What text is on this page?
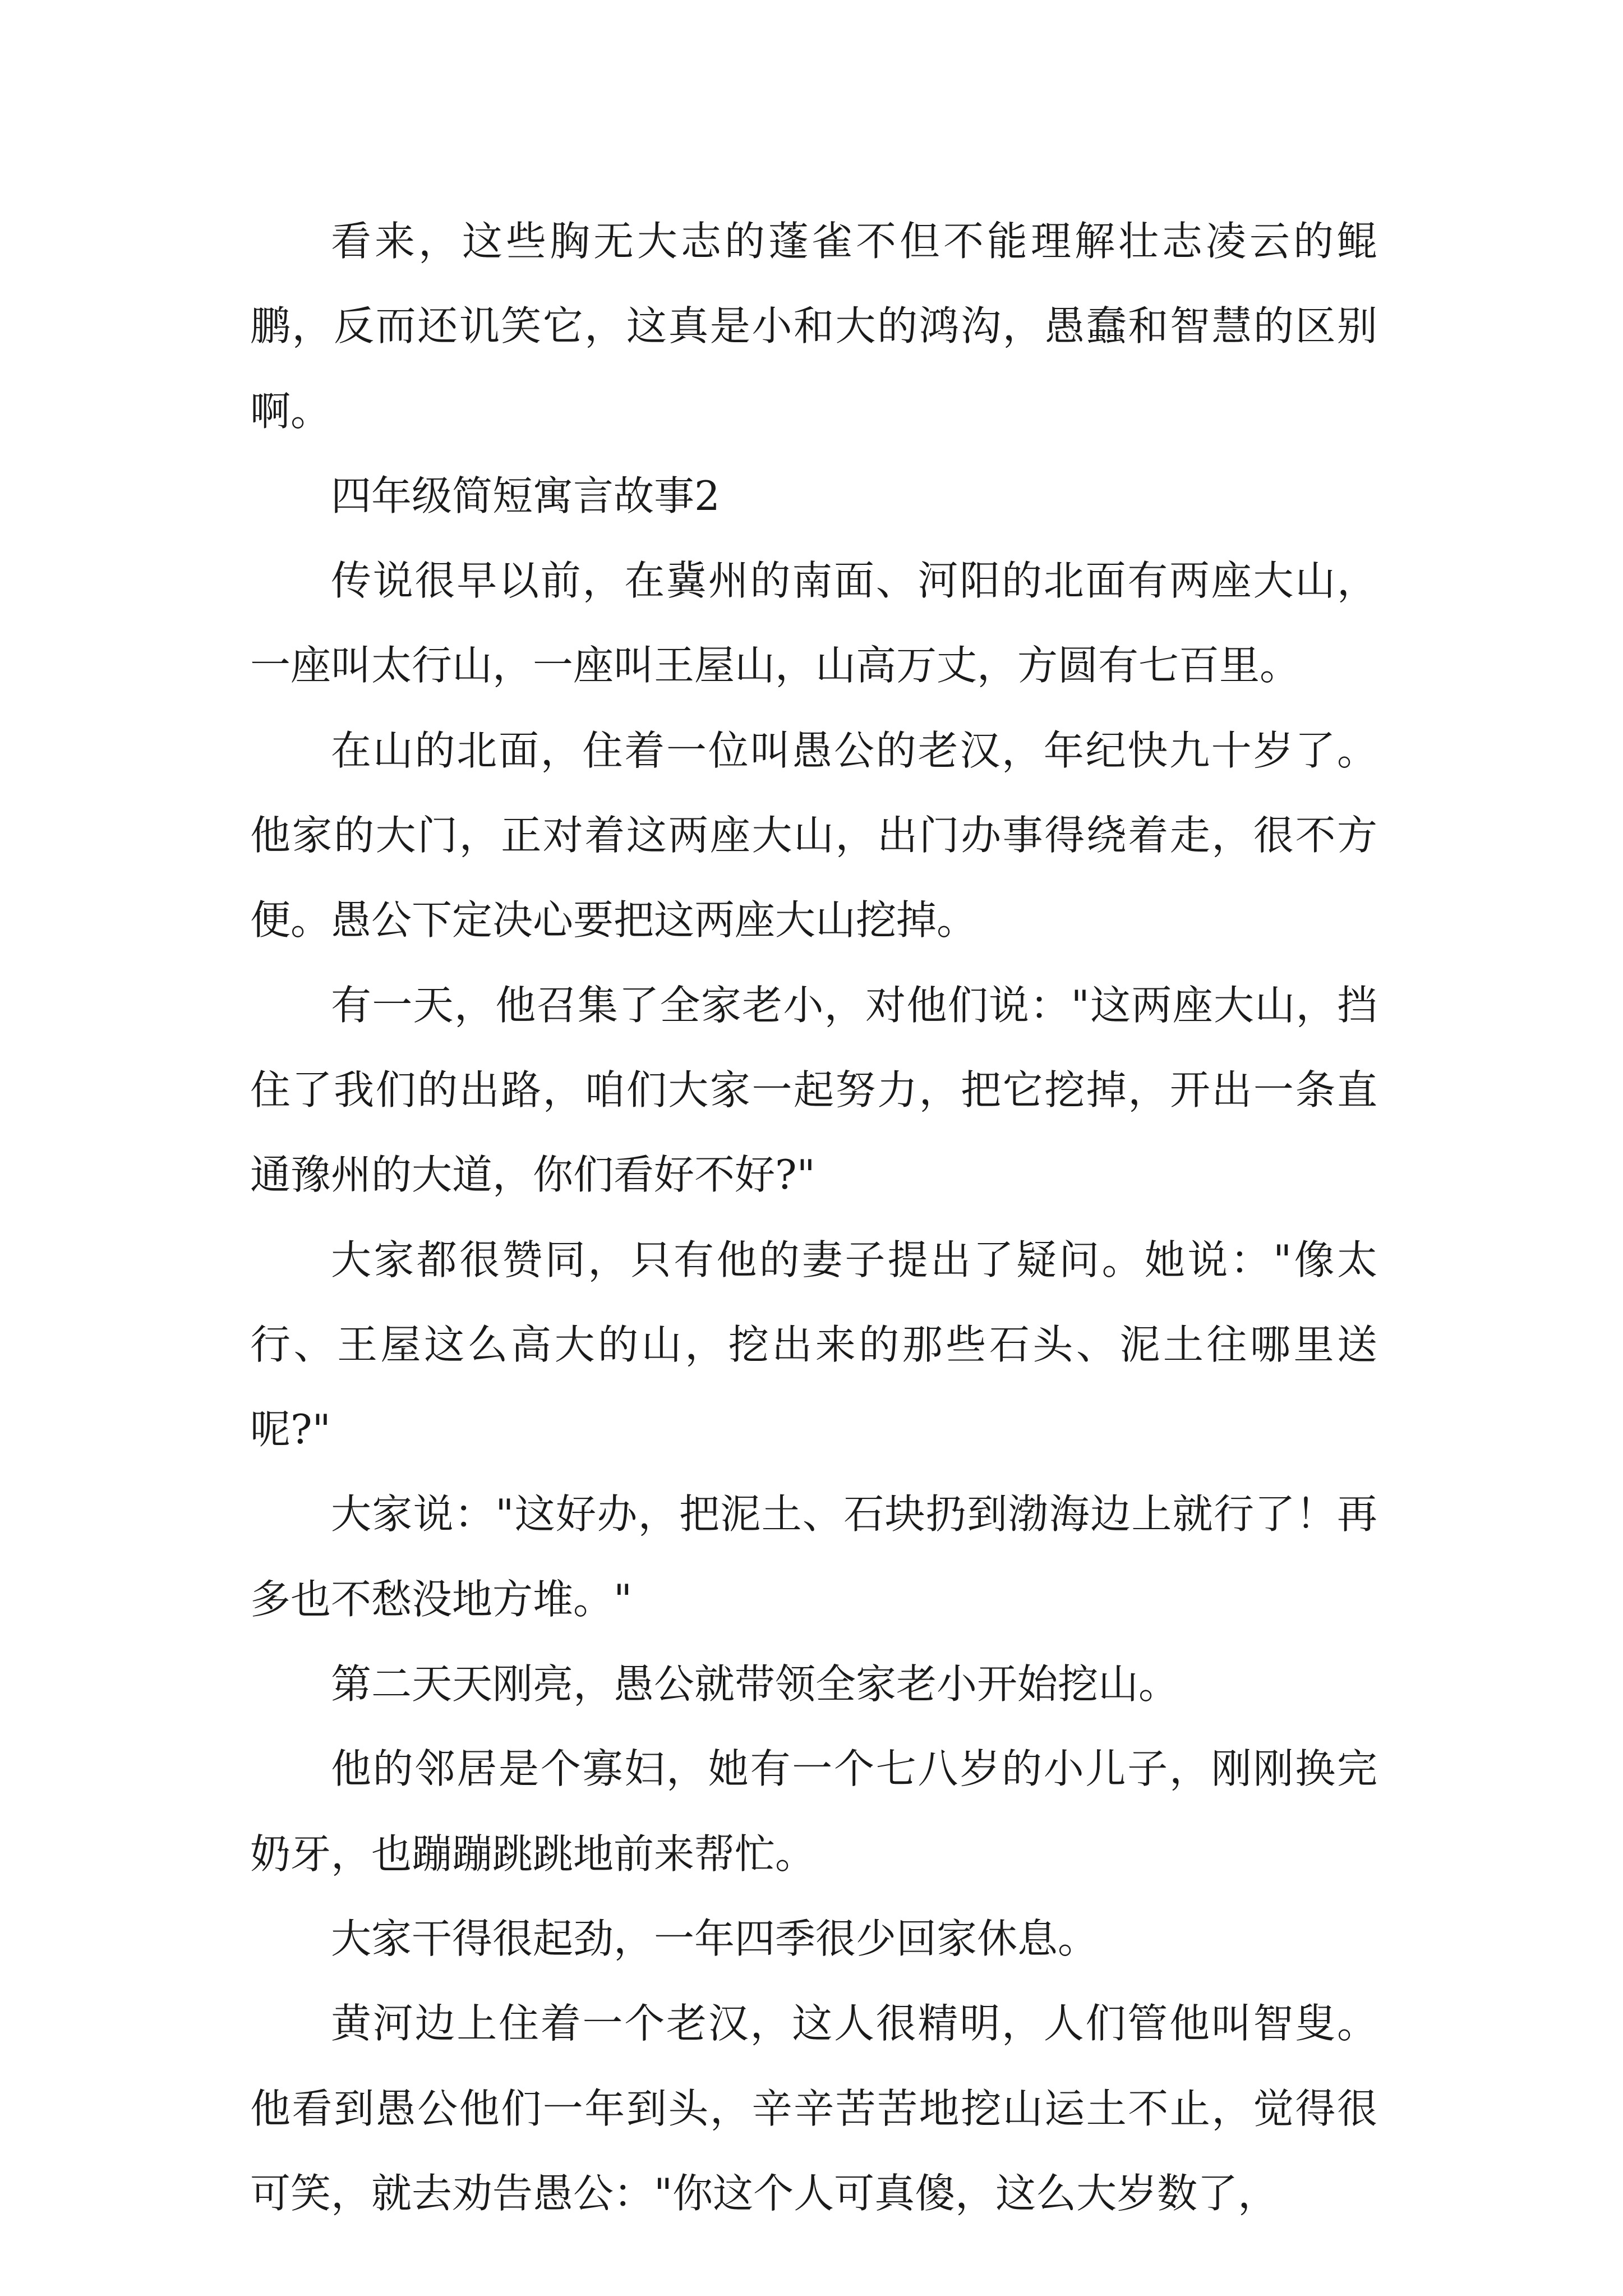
看来，这些胸无大志的蓬雀不但不能理解壮志凌云的鲲鹏，反而还讥笑它，这真是小和大的鸿沟，愚蠢和智慧的区别啊。

四年级简短寓言故事2

传说很早以前，在冀州的南面、河阳的北面有两座大山，一座叫太行山，一座叫王屋山，山高万丈，方圆有七百里。

在山的北面，住着一位叫愚公的老汉，年纪快九十岁了。他家的大门，正对着这两座大山，出门办事得绕着走，很不方便。愚公下定决心要把这两座大山挖掉。

有一天，他召集了全家老小，对他们说："这两座大山，挡住了我们的出路，咱们大家一起努力，把它挖掉，开出一条直通豫州的大道，你们看好不好?"

大家都很赞同，只有他的妻子提出了疑问。她说："像太行、王屋这么高大的山，挖出来的那些石头、泥土往哪里送呢?"

大家说："这好办，把泥土、石块扔到渤海边上就行了！再多也不愁没地方堆。"

第二天天刚亮，愚公就带领全家老小开始挖山。

他的邻居是个寡妇，她有一个七八岁的小儿子，刚刚换完奶牙，也蹦蹦跳跳地前来帮忙。

大家干得很起劲，一年四季很少回家休息。

黄河边上住着一个老汉，这人很精明，人们管他叫智叟。他看到愚公他们一年到头，辛辛苦苦地挖山运土不止，觉得很可笑，就去劝告愚公："你这个人可真傻，这么大岁数了，
